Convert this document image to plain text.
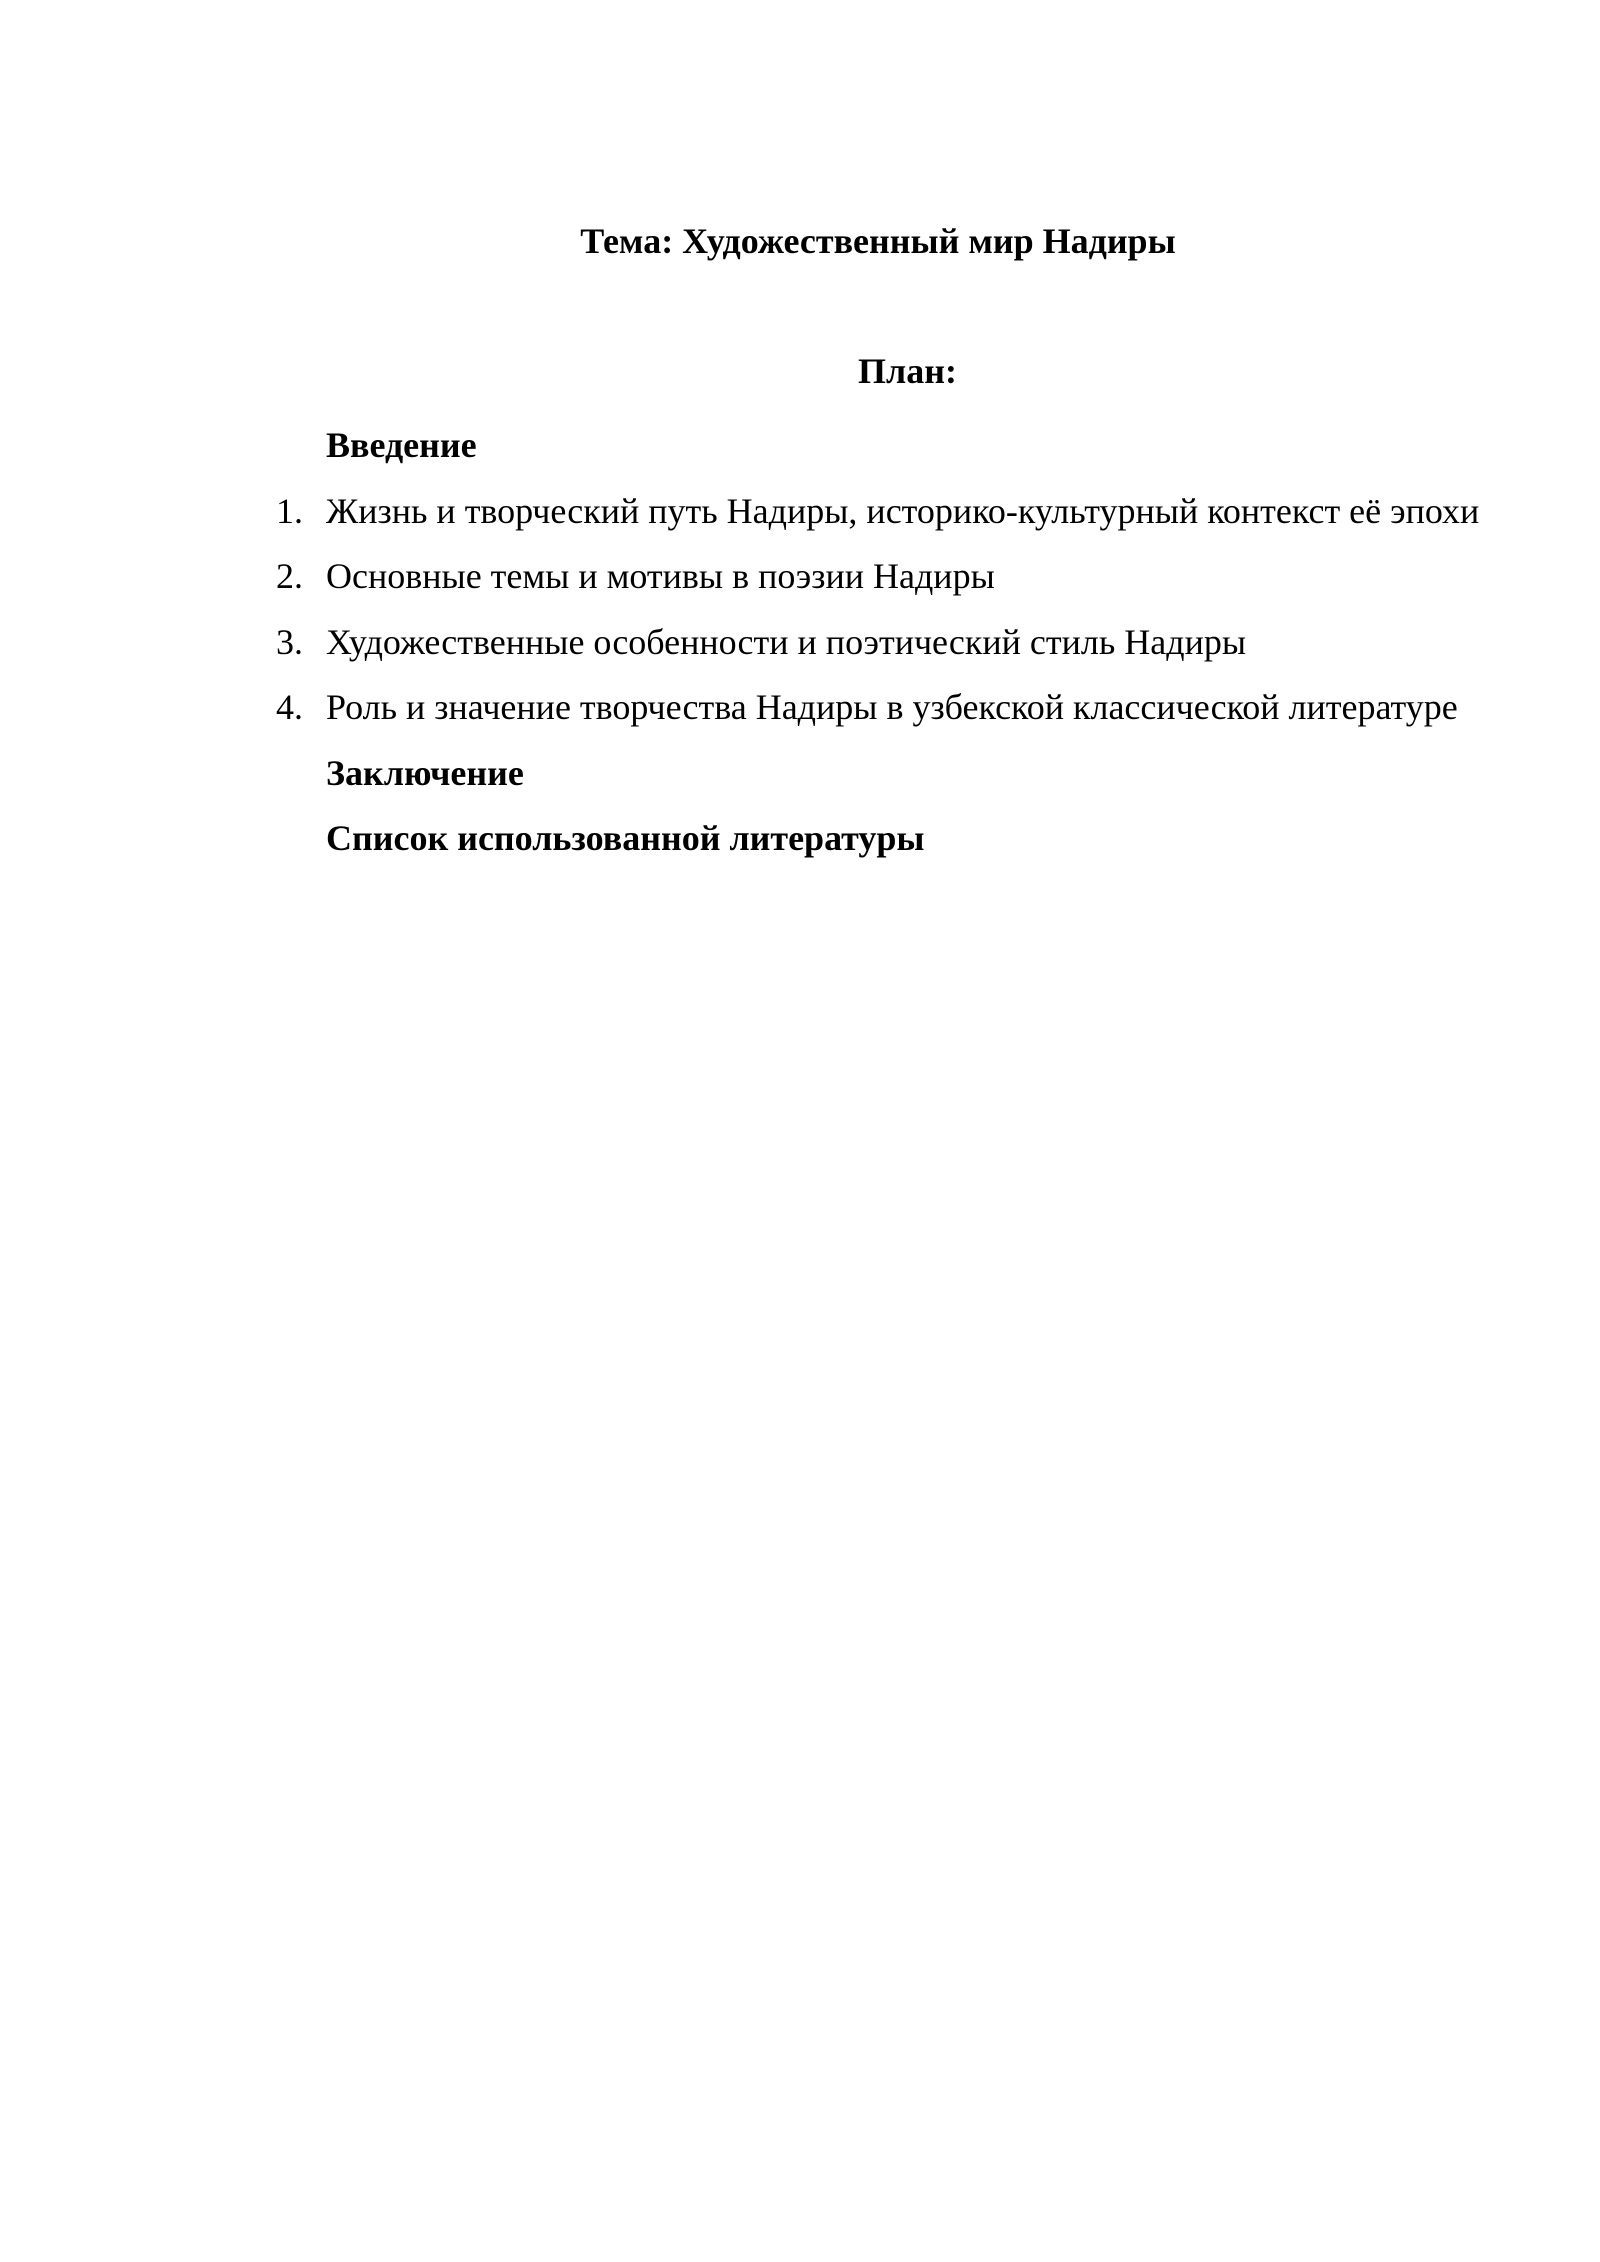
Тема: Художественный мир Надиры
План:

Введение

1. Жизнь и творческий путь Надиры, историко-культурный контекст её эпохи
2. Основные темы и мотивы в поэзии Надиры
3. Художественные особенности и поэтический стиль Надиры
4. Роль и значение творчества Надиры в узбекской классической литературе

Заключение

Список использованной литературы
